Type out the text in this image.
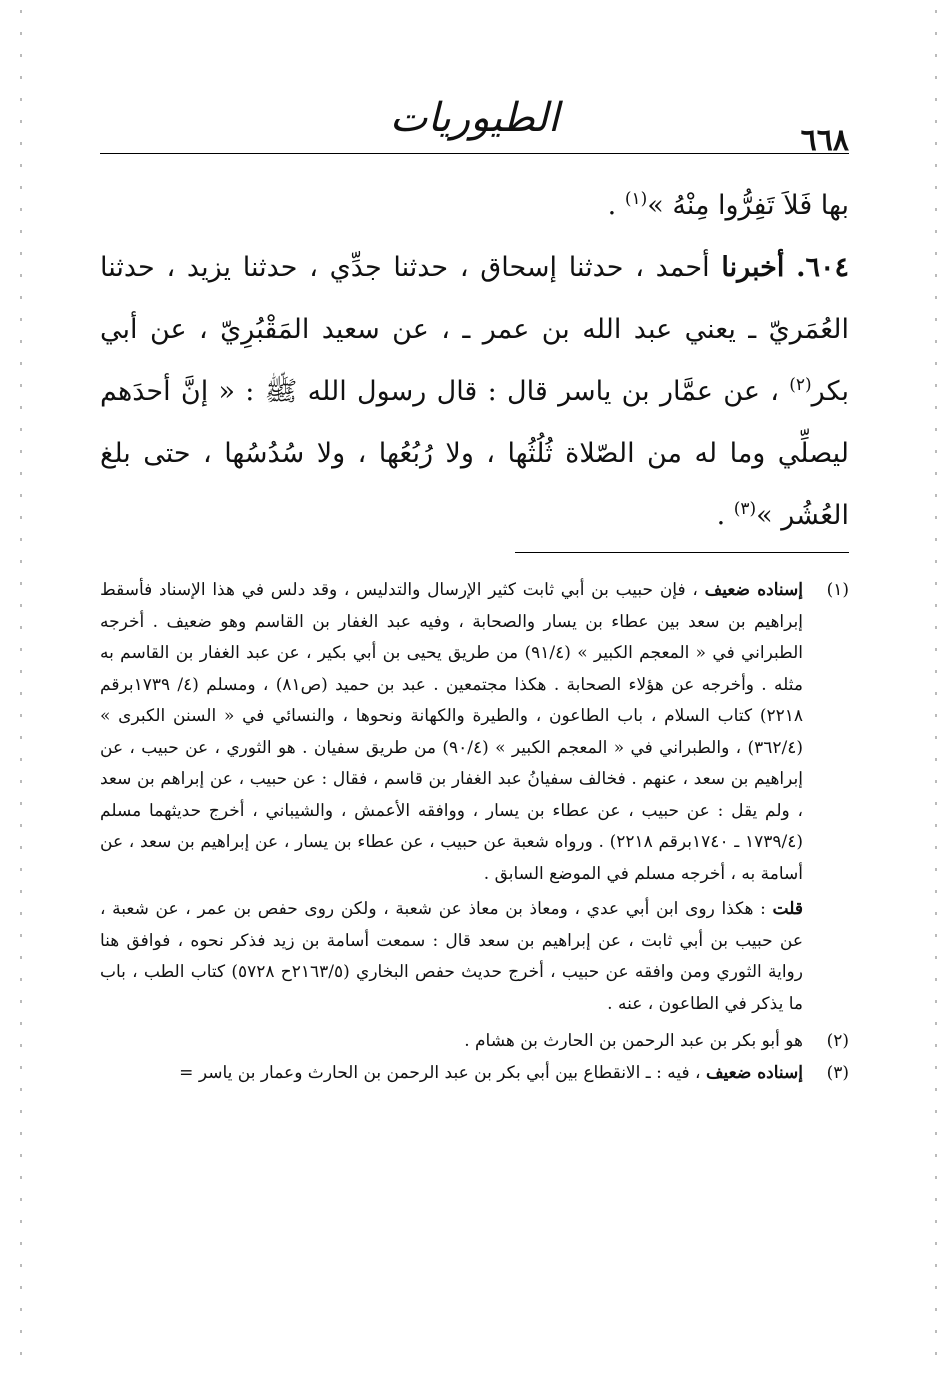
٦٦٨
الطيوريات

بها فَلاَ تَفِرُّوا مِنْهُ »$^{(١)}$ .

٦٠٤. أخبرنا أحمد ، حدثنا إسحاق ، حدثنا جدِّي ، حدثنا يزيد ، حدثنا العُمَريّ ـ يعني عبد الله بن عمر ـ ، عن سعيد المَقْبُرِيّ ، عن أبي بكر$^{(٢)}$ ، عن عمَّار بن ياسر قال : قال رسول الله ﷺ : « إنَّ أحدَهم ليصلِّي وما له من الصّلاة ثُلُثُها ، ولا رُبُعُها ، ولا سُدُسُها ، حتى بلغ العُشُر »$^{(٣)}$ .

(١)
إسناده ضعيف ، فإن حبيب بن أبي ثابت كثير الإرسال والتدليس ، وقد دلس في هذا الإسناد فأسقط إبراهيم بن سعد بين عطاء بن يسار والصحابة ، وفيه عبد الغفار بن القاسم وهو ضعيف . أخرجه الطبراني في « المعجم الكبير » (٩١/٤) من طريق يحيى بن أبي بكير ، عن عبد الغفار بن القاسم به مثله . وأخرجه عن هؤلاء الصحابة . هكذا مجتمعين . عبد بن حميد (ص٨١) ، ومسلم (٤/ ١٧٣٩برقم ٢٢١٨) كتاب السلام ، باب الطاعون ، والطيرة والكهانة ونحوها ، والنسائي في « السنن الكبرى » (٣٦٢/٤) ، والطبراني في « المعجم الكبير » (٩٠/٤) من طريق سفيان . هو الثوري ، عن حبيب ، عن إبراهيم بن سعد ، عنهم . فخالف سفيانُ عبد الغفار بن قاسم ، فقال : عن حبيب ، عن إبراهم بن سعد ، ولم يقل : عن حبيب ، عن عطاء بن يسار ، ووافقه الأعمش ، والشيباني ، أخرج حديثهما مسلم (١٧٣٩/٤ ـ ١٧٤٠برقم ٢٢١٨) . ورواه شعبة عن حبيب ، عن عطاء بن يسار ، عن إبراهيم بن سعد ، عن أسامة به ، أخرجه مسلم في الموضع السابق .

قلت : هكذا روى ابن أبي عدي ، ومعاذ بن معاذ عن شعبة ، ولكن روى حفص بن عمر ، عن شعبة ، عن حبيب بن أبي ثابت ، عن إبراهيم بن سعد قال : سمعت أسامة بن زيد فذكر نحوه ، فوافق هنا رواية الثوري ومن وافقه عن حبيب ، أخرج حديث حفص البخاري (٢١٦٣/٥ح ٥٧٢٨) كتاب الطب ، باب ما يذكر في الطاعون ، عنه .

(٢)
هو أبو بكر بن عبد الرحمن بن الحارث بن هشام .

(٣)
إسناده ضعيف ، فيه : ـ الانقطاع بين أبي بكر بن عبد الرحمن بن الحارث وعمار بن ياسر =
